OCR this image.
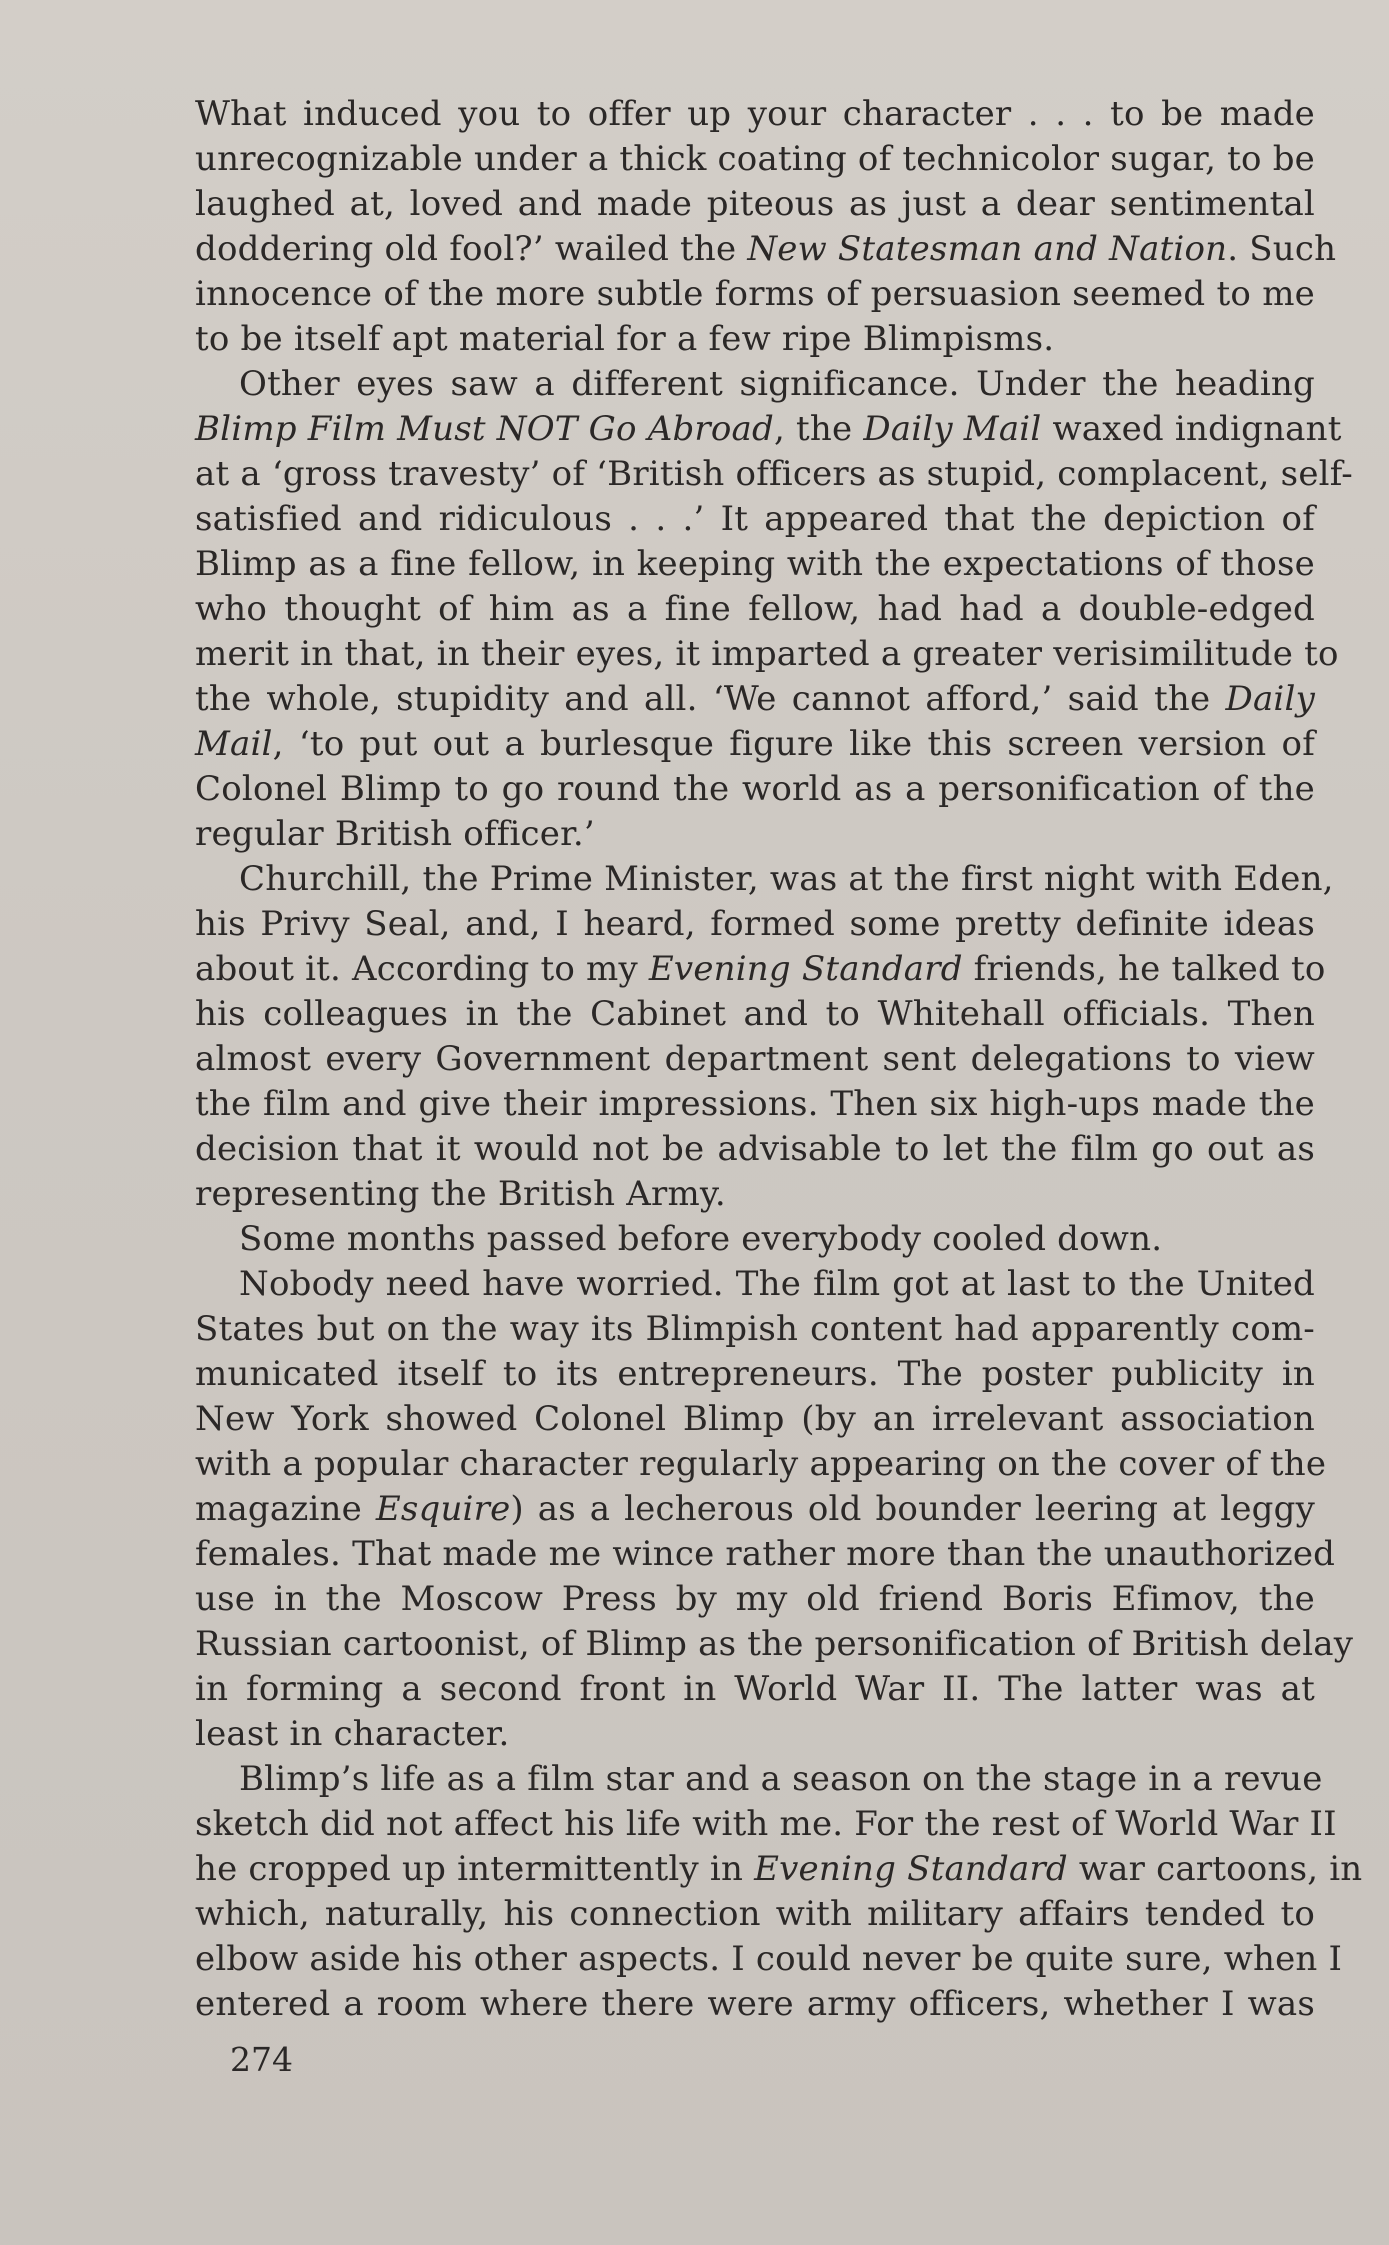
What induced you to offer up your character . . . to be made
unrecognizable under a thick coating of technicolor sugar, to be
laughed at, loved and made piteous as just a dear sentimental
doddering old fool?’ wailed the New Statesman and Nation. Such
innocence of the more subtle forms of persuasion seemed to me
to be itself apt material for a few ripe Blimpisms.
Other eyes saw a different significance. Under the heading
Blimp Film Must NOT Go Abroad, the Daily Mail waxed indignant
at a ‘gross travesty’ of ‘British officers as stupid, complacent, self-
satisfied and ridiculous . . .’ It appeared that the depiction of
Blimp as a fine fellow, in keeping with the expectations of those
who thought of him as a fine fellow, had had a double-edged
merit in that, in their eyes, it imparted a greater verisimilitude to
the whole, stupidity and all. ‘We cannot afford,’ said the Daily
Mail, ‘to put out a burlesque figure like this screen version of
Colonel Blimp to go round the world as a personification of the
regular British officer.’
Churchill, the Prime Minister, was at the first night with Eden,
his Privy Seal, and, I heard, formed some pretty definite ideas
about it. According to my Evening Standard friends, he talked to
his colleagues in the Cabinet and to Whitehall officials. Then
almost every Government department sent delegations to view
the film and give their impressions. Then six high-ups made the
decision that it would not be advisable to let the film go out as
representing the British Army.
Some months passed before everybody cooled down.
Nobody need have worried. The film got at last to the United
States but on the way its Blimpish content had apparently com-
municated itself to its entrepreneurs. The poster publicity in
New York showed Colonel Blimp (by an irrelevant association
with a popular character regularly appearing on the cover of the
magazine Esquire) as a lecherous old bounder leering at leggy
females. That made me wince rather more than the unauthorized
use in the Moscow Press by my old friend Boris Efimov, the
Russian cartoonist, of Blimp as the personification of British delay
in forming a second front in World War II. The latter was at
least in character.
Blimp’s life as a film star and a season on the stage in a revue
sketch did not affect his life with me. For the rest of World War II
he cropped up intermittently in Evening Standard war cartoons, in
which, naturally, his connection with military affairs tended to
elbow aside his other aspects. I could never be quite sure, when I
entered a room where there were army officers, whether I was
274
